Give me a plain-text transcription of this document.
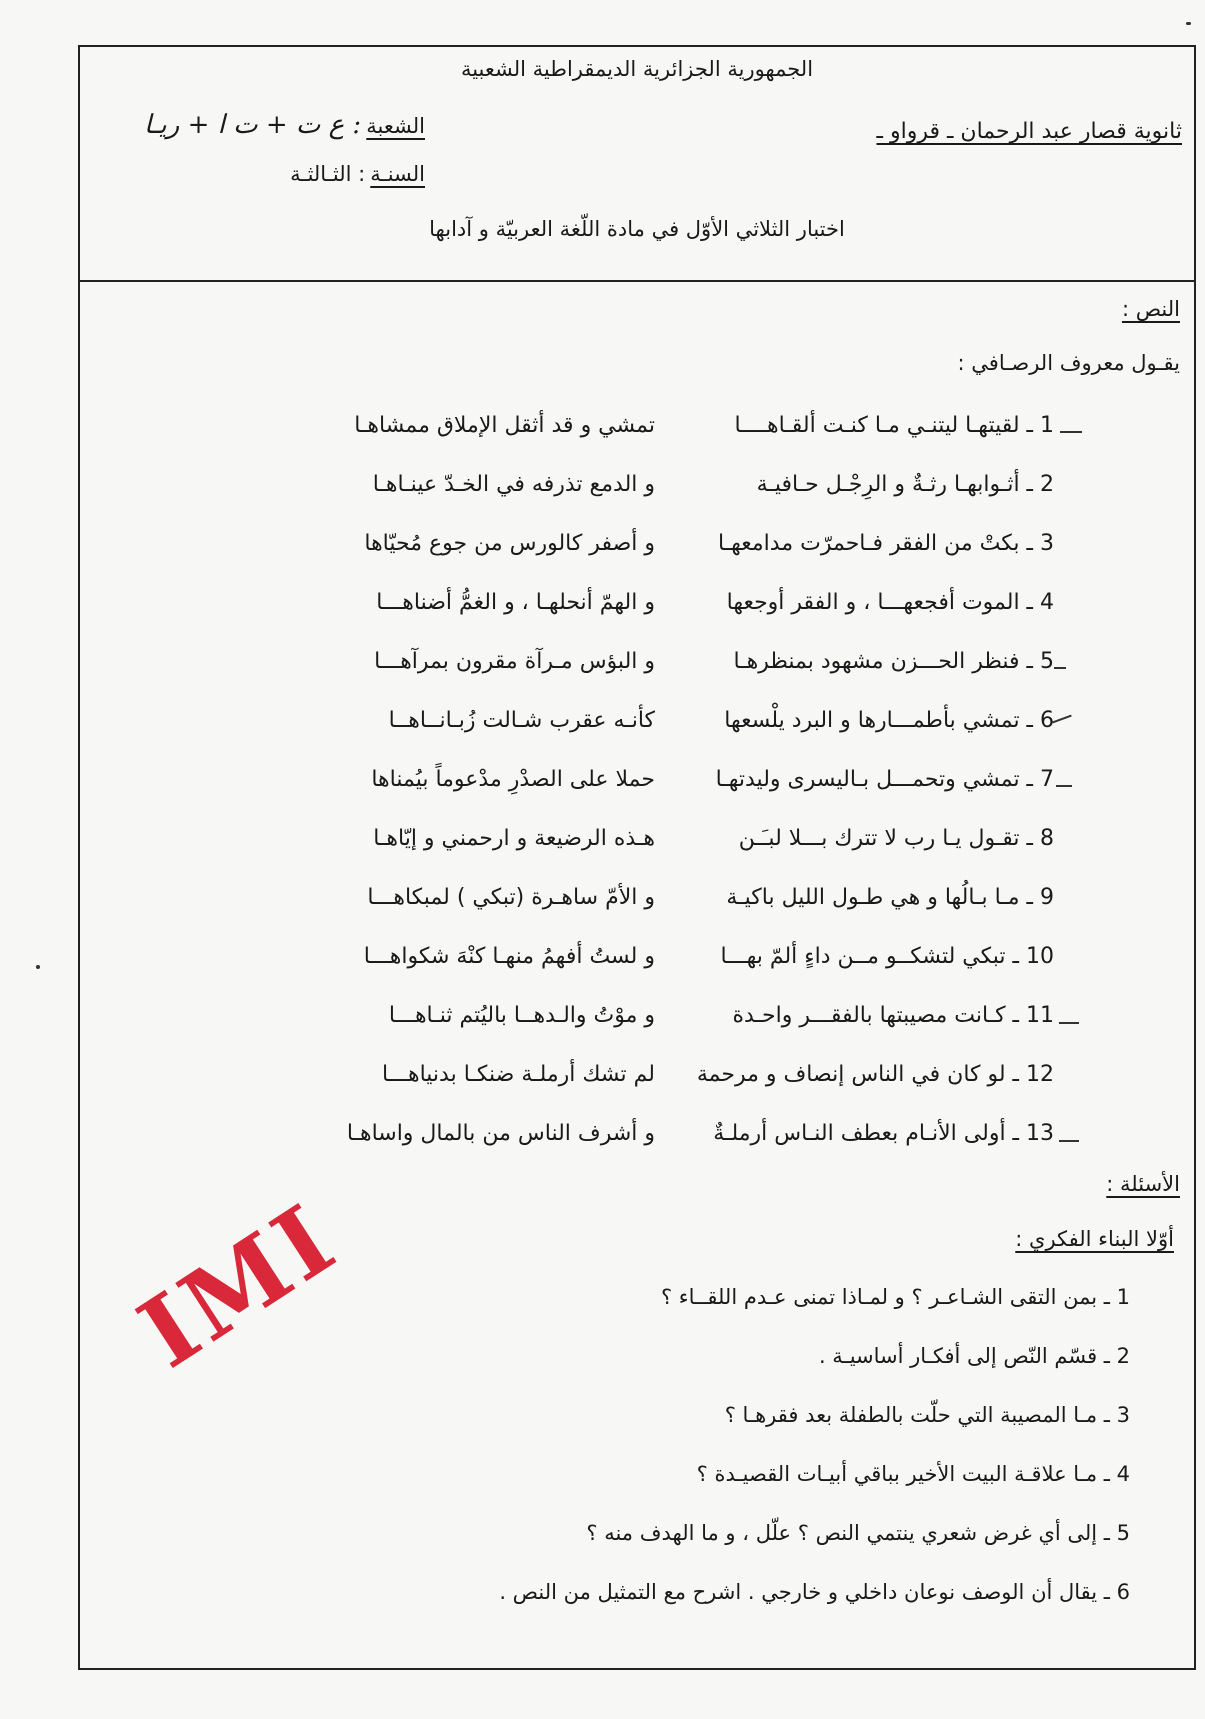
الجمهورية الجزائرية الديمقراطية الشعبية
ثانوية قصار عبد الرحمان ـ قرواو ـ
الشعبة : ع ت + ت ا + ريـا
السنـة : الثـالثـة
اختبار الثلاثي الأوّل في مادة اللّغة العربيّة و آدابها
النص :
يقـول معروف الرصـافي :
1 ـ لقيتهـا ليتنـي مـا كنـت ألقـاهــــا
تمشي و قد أثقل الإملاق ممشاهـا
2 ـ أثـوابهـا رثـةٌ و الرِجْـل حـافيـة
و الدمع تذرفه في الخـدّ عينـاهـا
3 ـ بكتْ من الفقر فـاحمرّت مدامعهـا
و أصفر كالورس من جوع مُحيّاها
4 ـ الموت أفجعهـــا ، و الفقر أوجعها
و الهمّ أنحلهـا ، و الغمُّ أضناهـــا
5 ـ فنظر الحـــزن مشهود بمنظرهـا
و البؤس مـرآة مقرون بمرآهـــا
6 ـ تمشي بأطمـــارها و البرد يلْسعها
كأنـه عقرب شـالت زُبـانــاهــا
7 ـ تمشي وتحمـــل بـاليسرى وليدتهـا
حملا على الصدْرِ مدْعوماً بيُمناها
8 ـ تقـول يـا رب لا تترك بـــلا لبـَـن
هـذه الرضيعة و ارحمني و إيّاهـا
9 ـ مـا بـالُها و هي طـول الليل باكيـة
و الأمّ ساهـرة (تبكي ) لمبكاهـــا
10 ـ تبكي لتشكــو مــن داءٍ ألمّ بهـــا
و لستُ أفهمُ منهـا كنْهَ شكواهـــا
11 ـ كـانت مصيبتها بالفقـــر واحـدة
و موْتُ والـدهــا باليُتم ثنـاهـــا
12 ـ لو كان في الناس إنصاف و مرحمة
لم تشك أرملـة ضنكـا بدنياهـــا
13 ـ أولى الأنـام بعطف النـاس أرملـةٌ
و أشرف الناس من بالمال واساهـا
الأسئلة :
أوّلا البناء الفكري :
1 ـ بمن التقى الشـاعـر ؟ و لمـاذا تمنى عـدم اللقــاء ؟
2 ـ قسّم النّص إلى أفكـار أساسيـة .
3 ـ مـا المصيبة التي حلّت بالطفلة بعد فقرهـا ؟
4 ـ مـا علاقـة البيت الأخير بباقي أبيـات القصيـدة ؟
5 ـ إلى أي غرض شعري ينتمي النص ؟ علّل ، و ما الهدف منه ؟
6 ـ يقال أن الوصف نوعان داخلي و خارجي . اشرح مع التمثيل من النص .
IMI
